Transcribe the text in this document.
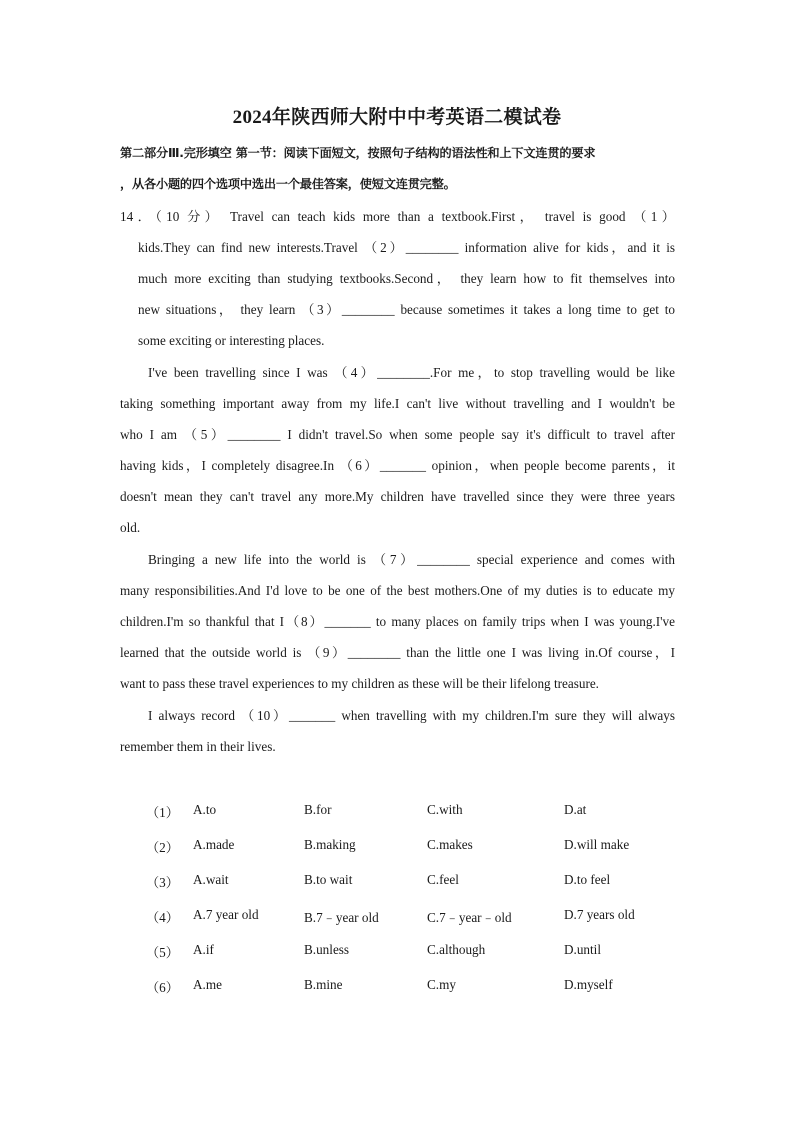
2024年陕西师大附中中考英语二模试卷

第二部分Ⅲ.完形填空 第一节：阅读下面短文，按照句子结构的语法性和上下文连贯的要求

，从各小题的四个选项中选出一个最佳答案，使短文连贯完整。

14．（10 分） Travel can teach kids more than a textbook.First， travel is good （1）

kids.They can find new interests.Travel （2）________ information alive for kids，and it is

much more exciting than studying textbooks.Second， they learn how to fit themselves into

new situations， they learn （3）________ because sometimes it takes a long time to get to

some exciting or interesting places.

I've been travelling since I was （4）________.For me，to stop travelling would be like

taking something important away from my life.I can't live without travelling and I wouldn't be

who I am （5）________ I didn't travel.So when some people say it's difficult to travel after

having kids，I completely disagree.In （6）_______ opinion，when people become parents，it

doesn't mean they can't travel any more.My children have travelled since they were three years

old.

Bringing a new life into the world is （7）________ special experience and comes with

many responsibilities.And I'd love to be one of the best mothers.One of my duties is to educate my

children.I'm so thankful that I（8）_______ to many places on family trips when I was young.I've

learned that the outside world is （9）________ than the little one I was living in.Of course，I

want to pass these travel experiences to my children as these will be their lifelong treasure.

I always record （10）_______ when travelling with my children.I'm sure they will always

remember them in their lives.

（1） A.to	B.for	C.with	D.at
（2） A.made	B.making	C.makes	D.will make
（3） A.wait	B.to wait	C.feel	D.to feel
（4） A.7 year old	B.7﹣year old	C.7﹣year﹣old	D.7 years old
（5） A.if	B.unless	C.although	D.until
（6） A.me	B.mine	C.my	D.myself
